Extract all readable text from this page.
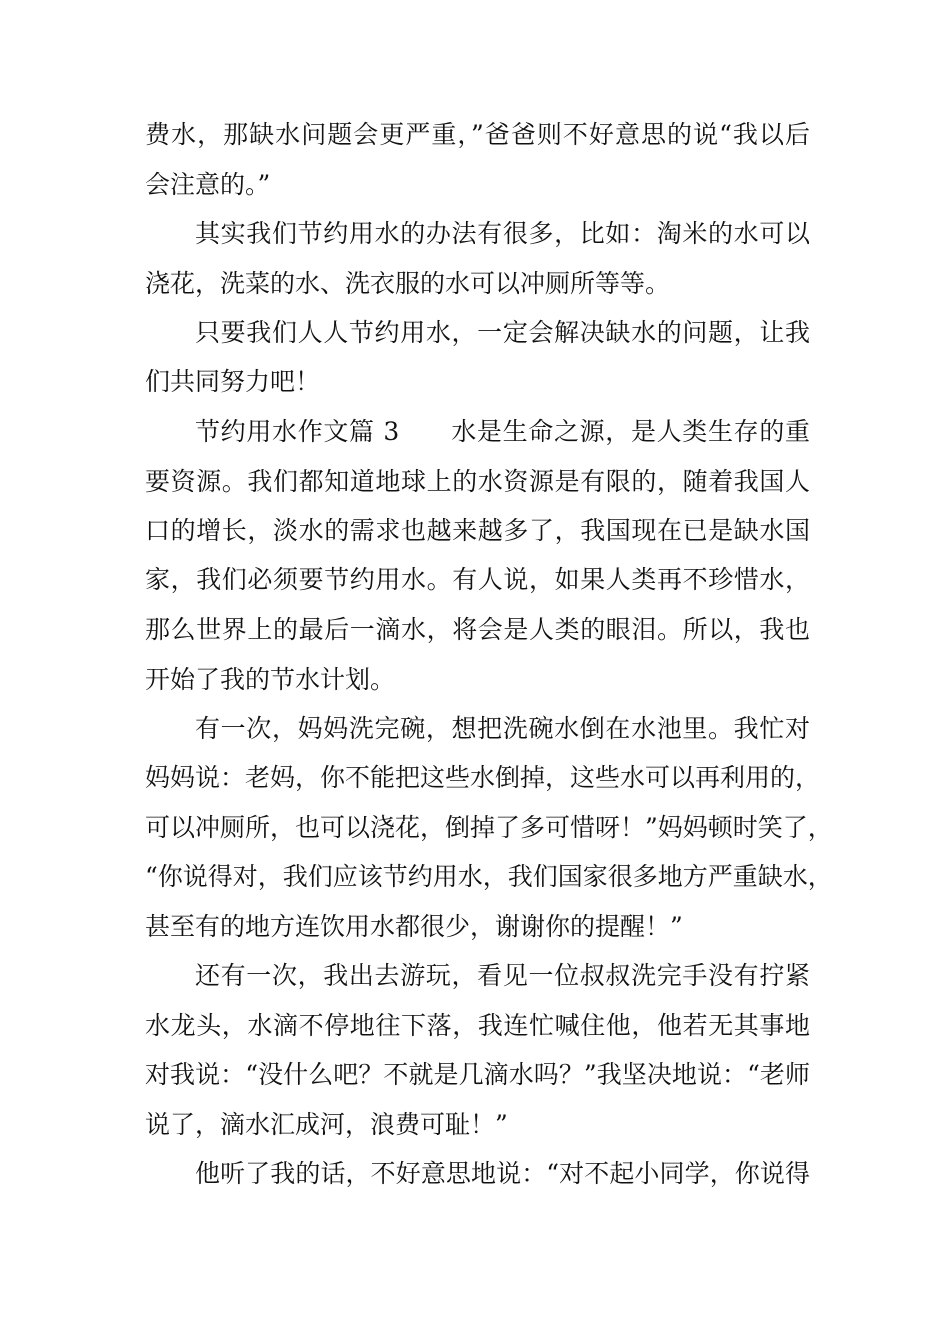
费水，那缺水问题会更严重，”爸爸则不好意思的说“我以后
会注意的。”
其实我们节约用水的办法有很多，比如：淘米的水可以
浇花，洗菜的水、洗衣服的水可以冲厕所等等。
只要我们人人节约用水，一定会解决缺水的问题，让我
们共同努力吧！
节约用水作文篇 3　　水是生命之源，是人类生存的重
要资源。我们都知道地球上的水资源是有限的，随着我国人
口的增长，淡水的需求也越来越多了，我国现在已是缺水国
家，我们必须要节约用水。有人说，如果人类再不珍惜水，
那么世界上的最后一滴水，将会是人类的眼泪。所以，我也
开始了我的节水计划。
有一次，妈妈洗完碗，想把洗碗水倒在水池里。我忙对
妈妈说：老妈，你不能把这些水倒掉，这些水可以再利用的，
可以冲厕所，也可以浇花，倒掉了多可惜呀！”妈妈顿时笑了，
“你说得对，我们应该节约用水，我们国家很多地方严重缺水，
甚至有的地方连饮用水都很少，谢谢你的提醒！”
还有一次，我出去游玩，看见一位叔叔洗完手没有拧紧
水龙头，水滴不停地往下落，我连忙喊住他，他若无其事地
对我说：“没什么吧？不就是几滴水吗？”我坚决地说：“老师
说了，滴水汇成河，浪费可耻！”
他听了我的话，不好意思地说：“对不起小同学，你说得
